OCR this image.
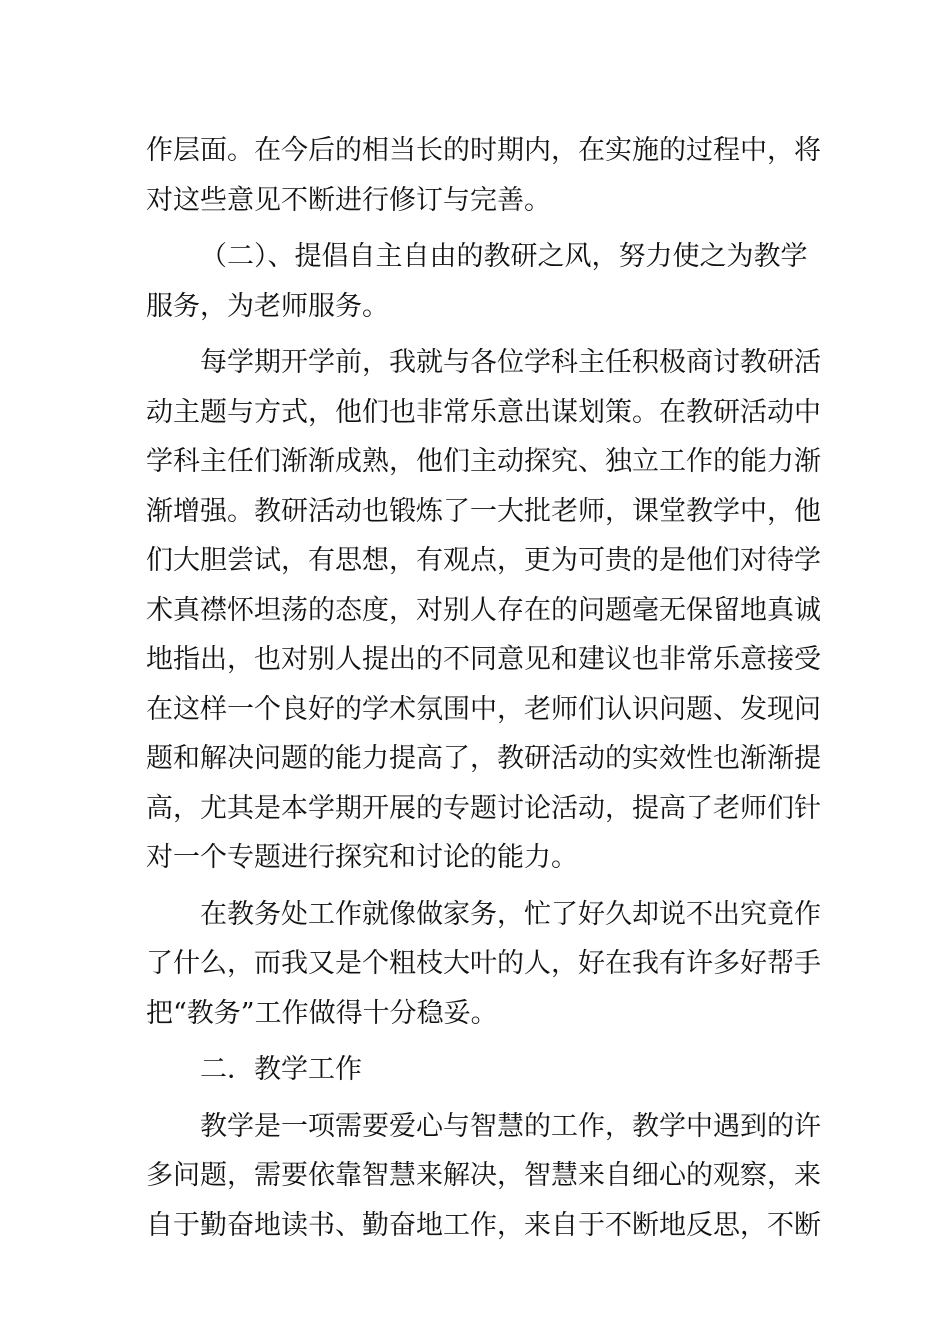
作层面。在今后的相当长的时期内，在实施的过程中，将
对这些意见不断进行修订与完善。
（二）、提倡自主自由的教研之风，努力使之为教学
服务，为老师服务。
每学期开学前，我就与各位学科主任积极商讨教研活
动主题与方式，他们也非常乐意出谋划策。在教研活动中
学科主任们渐渐成熟，他们主动探究、独立工作的能力渐
渐增强。教研活动也锻炼了一大批老师，课堂教学中，他
们大胆尝试，有思想，有观点，更为可贵的是他们对待学
术真襟怀坦荡的态度，对别人存在的问题毫无保留地真诚
地指出，也对别人提出的不同意见和建议也非常乐意接受
在这样一个良好的学术氛围中，老师们认识问题、发现问
题和解决问题的能力提高了，教研活动的实效性也渐渐提
高，尤其是本学期开展的专题讨论活动，提高了老师们针
对一个专题进行探究和讨论的能力。
在教务处工作就像做家务，忙了好久却说不出究竟作
了什么，而我又是个粗枝大叶的人，好在我有许多好帮手
把“教务”工作做得十分稳妥。
二．教学工作
教学是一项需要爱心与智慧的工作，教学中遇到的许
多问题，需要依靠智慧来解决，智慧来自细心的观察，来
自于勤奋地读书、勤奋地工作，来自于不断地反思，不断
